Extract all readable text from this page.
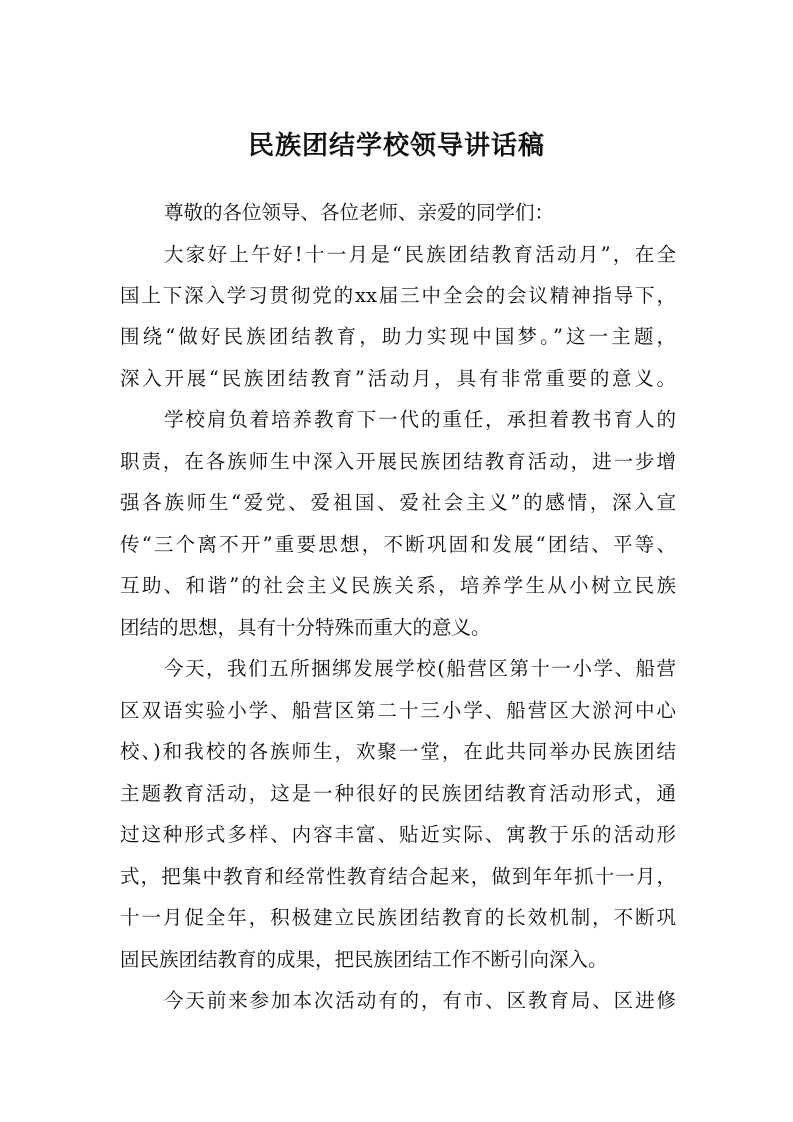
民族团结学校领导讲话稿

尊敬的各位领导、各位老师、亲爱的同学们：

大家好上午好!十一月是“民族团结教育活动月”，在全

国上下深入学习贯彻党的xx届三中全会的会议精神指导下，

围绕“做好民族团结教育，助力实现中国梦。”这一主题，

深入开展“民族团结教育”活动月，具有非常重要的意义。

学校肩负着培养教育下一代的重任，承担着教书育人的

职责，在各族师生中深入开展民族团结教育活动，进一步增

强各族师生“爱党、爱祖国、爱社会主义”的感情，深入宣

传“三个离不开”重要思想，不断巩固和发展“团结、平等、

互助、和谐”的社会主义民族关系，培养学生从小树立民族

团结的思想，具有十分特殊而重大的意义。

今天，我们五所捆绑发展学校(船营区第十一小学、船营

区双语实验小学、船营区第二十三小学、船营区大淤河中心

校、)和我校的各族师生，欢聚一堂，在此共同举办民族团结

主题教育活动，这是一种很好的民族团结教育活动形式，通

过这种形式多样、内容丰富、贴近实际、寓教于乐的活动形

式，把集中教育和经常性教育结合起来，做到年年抓十一月，

十一月促全年，积极建立民族团结教育的长效机制，不断巩

固民族团结教育的成果，把民族团结工作不断引向深入。

今天前来参加本次活动有的，有市、区教育局、区进修
